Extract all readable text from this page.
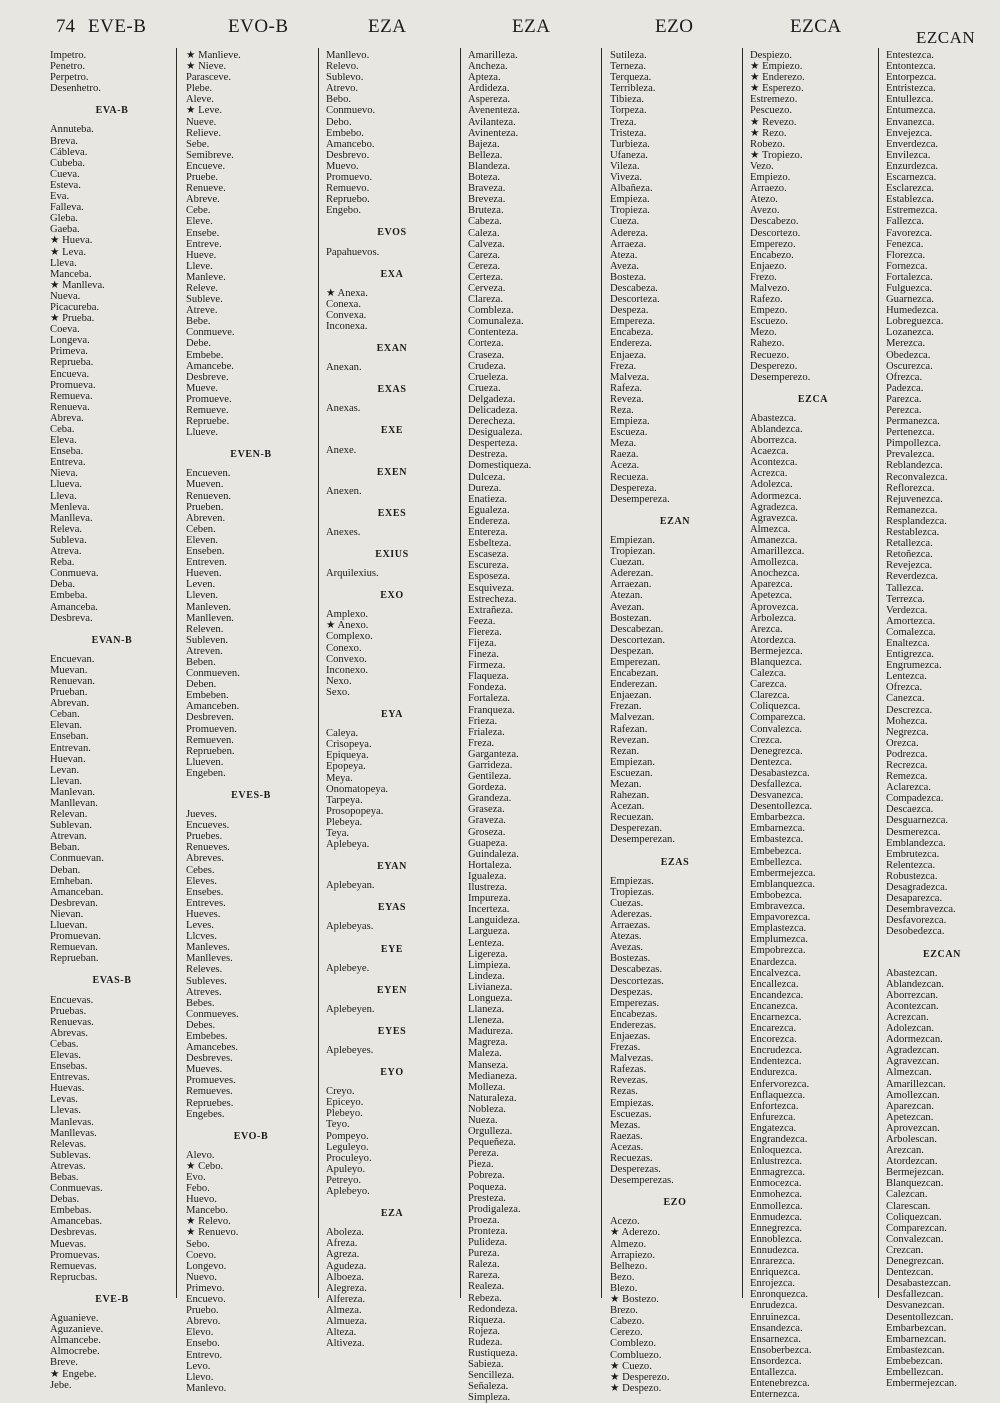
74 EVE-B	EVO-B	EZA	EZA	EZO	EZCA
EZCAN
Impetro.
Penetro.
Perpetro.
Desenhetro.
EVA-B
Annuteba.
Breva.
Cábleva.
Cubeba.
Cueva.
Esteva.
Eva.
Falleva.
Gleba.
Gaeba.
★ Hueva.
★ Leva.
Lleva.
Manceba.
★ Manlleva.
Nueva.
Picacureba.
★ Prueba.
Coeva.
Longeva.
Primeva.
Reprueba.
Encueva.
Promueva.
Remueva.
Renueva.
Abreva.
Ceba.
Eleva.
Enseba.
Entreva.
Nieva.
Llueva.
Lleva.
Menleva.
Manlleva.
Releva.
Subleva.
Atreva.
Reba.
Conmueva.
Deba.
Embeba.
Amanceba.
Desbreva.
EVAN-B
Encuevan.
Muevan.
Renuevan.
Prueban.
Abrevan.
Ceban.
Elevan.
Enseban.
Entrevan.
Huevan.
Levan.
Llevan.
Manlevan.
Manllevan.
Relevan.
Sublevan.
Atrevan.
Beban.
Conmuevan.
Deban.
Emheban.
Amanceban.
Desbrevan.
Nievan.
Lluevan.
Promuevan.
Remuevan.
Reprueban.
EVAS-B
Encuevas.
Pruebas.
Renuevas.
Abrevas.
Cebas.
Elevas.
Ensebas.
Entrevas.
Huevas.
Levas.
Llevas.
Manlevas.
Manllevas.
Relevas.
Sublevas.
Atrevas.
Bebas.
Conmuevas.
Debas.
Embebas.
Amancebas.
Desbrevas.
Muevas.
Promuevas.
Remuevas.
Reprucbas.
EVE-B
Aguanieve.
Aguzanieve.
Almancebe.
Almocrebe.
Breve.
★ Engebe.
Jebe.
★ Manlieve.
★ Nieve.
Parasceve.
Plebe.
Aleve.
★ Leve.
Nueve.
Relieve.
Sebe.
Semibreve.
Encueve.
Pruebe.
Renueve.
Abreve.
Cebe.
Eleve.
Ensebe.
Entreve.
Hueve.
Lleve.
Manleve.
Releve.
Subleve.
Atreve.
Bebe.
Conmueve.
Debe.
Embebe.
Amancebe.
Desbreve.
Mueve.
Promueve.
Remueve.
Repruebe.
Llueve.
EVEN-B
Encueven.
Mueven.
Renueven.
Prueben.
Abreven.
Ceben.
Eleven.
Enseben.
Entreven.
Hueven.
Leven.
Lleven.
Manleven.
Manlleven.
Releven.
Subleven.
Atreven.
Beben.
Conmueven.
Deben.
Embeben.
Amanceben.
Desbreven.
Promueven.
Remueven.
Reprueben.
Llueven.
Engeben.
EVES-B
Jueves.
Encueves.
Pruebes.
Renueves.
Abreves.
Cebes.
Eleves.
Ensebes.
Entreves.
Hueves.
Leves.
Llcves.
Manleves.
Manlleves.
Releves.
Subleves.
Atreves.
Bebes.
Conmueves.
Debes.
Embebes.
Amancebes.
Desbreves.
Mueves.
Promueves.
Remueves.
Repruebes.
Engebes.
EVO-B
Alevo.
★ Cebo.
Evo.
Febo.
Huevo.
Mancebo.
★ Relevo.
★ Renuevo.
Sebo.
Coevo.
Longevo.
Nuevo.
Primevo.
Encuevo.
Pruebo.
Abrevo.
Elevo.
Ensebo.
Entrevo.
Levo.
Llevo.
Manlevo.
Manllevo.
Relevo.
Sublevo.
Atrevo.
Bebo.
Conmuevo.
Debo.
Embebo.
Amancebo.
Desbrevo.
Muevo.
Promuevo.
Remuevo.
Repruebo.
Engebo.
EVOS
Papahuevos.
EXA
★ Anexa.
Conexa.
Convexa.
Inconexa.
EXAN
Anexan.
EXAS
Anexas.
EXE
Anexe.
EXEN
Anexen.
EXES
Anexes.
EXIUS
Arquilexius.
EXO
Amplexo.
★ Anexo.
Complexo.
Conexo.
Convexo.
Inconexo.
Nexo.
Sexo.
EYA
Caleya.
Crisopeya.
Epiqueya.
Epopeya.
Meya.
Onomatopeya.
Tarpeya.
Prosopopeya.
Plebeya.
Teya.
Aplebeya.
EYAN
Aplebeyan.
EYAS
Aplebeyas.
EYE
Aplebeye.
EYEN
Aplebeyen.
EYES
Aplebeyes.
EYO
Creyo.
Epiceyo.
Plebeyo.
Teyo.
Pompeyo.
Leguleyo.
Proculeyo.
Apuleyo.
Petreyo.
Aplebeyo.
EZA
Aboleza.
Afreza.
Agreza.
Agudeza.
Alboeza.
Alegreza.
Alfereza.
Almeza.
Almueza.
Alteza.
Altiveza.
Amarilleza.
Ancheza.
Apteza.
Ardideza.
Aspereza.
Avenenteza.
Avilanteza.
Avinenteza.
Bajeza.
Belleza.
Blandeza.
Boteza.
Braveza.
Breveza.
Bruteza.
Cabeza.
Caleza.
Calveza.
Careza.
Cereza.
Certeza.
Cerveza.
Clareza.
Combleza.
Comunaleza.
Contenteza.
Corteza.
Craseza.
Crudeza.
Crueleza.
Crueza.
Delgadeza.
Delicadeza.
Derecheza.
Desigualeza.
Desperteza.
Destreza.
Domestiqueza.
Dulceza.
Dureza.
Enatieza.
Egualeza.
Endereza.
Entereza.
Esbelteza.
Escaseza.
Escureza.
Esposeza.
Esquiveza.
Estrecheza.
Extrañeza.
Feeza.
Fiereza.
Fijeza.
Fineza.
Firmeza.
Flaqueza.
Fondeza.
Fortaleza.
Franqueza.
Frieza.
Frialeza.
Freza.
Garganteza.
Garrideza.
Gentileza.
Gordeza.
Grandeza.
Graseza.
Graveza.
Groseza.
Guapeza.
Guindaleza.
Hortaleza.
Igualeza.
Ilustreza.
Impureza.
Incerteza.
Languideza.
Largueza.
Lenteza.
Ligereza.
Limpieza.
Lindeza.
Livianeza.
Longueza.
Llaneza.
Lleneza.
Madureza.
Magreza.
Maleza.
Manseza.
Medianeza.
Molleza.
Naturaleza.
Nobleza.
Nueza.
Orgulleza.
Pequeñeza.
Pereza.
Pieza.
Pobreza.
Poqueza.
Presteza.
Prodigaleza.
Proeza.
Pronteza.
Pulideza.
Pureza.
Raleza.
Rareza.
Realeza.
Rebeza.
Redondeza.
Riqueza.
Rojeza.
Rudeza.
Rustiqueza.
Sabieza.
Sencilleza.
Señaleza.
Simpleza.
Sutileza.
Terneza.
Terqueza.
Terribleza.
Tibieza.
Torpeza.
Treza.
Tristeza.
Turbieza.
Ufaneza.
Vileza.
Viveza.
Albañeza.
Empieza.
Tropieza.
Cueza.
Adereza.
Arraeza.
Ateza.
Aveza.
Bosteza.
Descabeza.
Descorteza.
Despeza.
Empereza.
Encabeza.
Endereza.
Enjaeza.
Freza.
Malveza.
Rafeza.
Reveza.
Reza.
Empieza.
Escueza.
Meza.
Raeza.
Aceza.
Recueza.
Despereza.
Desempereza.
EZAN
Empiezan.
Tropiezan.
Cuezan.
Aderezan.
Arraezan.
Atezan.
Avezan.
Bostezan.
Descabezan.
Descortezan.
Despezan.
Emperezan.
Encabezan.
Enderezan.
Enjaezan.
Frezan.
Malvezan.
Rafezan.
Revezan.
Rezan.
Empiezan.
Escuezan.
Mezan.
Rahezan.
Acezan.
Recuezan.
Desperezan.
Desemperezan.
EZAS
Empiezas.
Tropiezas.
Cuezas.
Aderezas.
Arraezas.
Atezas.
Avezas.
Bostezas.
Descabezas.
Descortezas.
Despezas.
Emperezas.
Encabezas.
Enderezas.
Enjaezas.
Frezas.
Malvezas.
Rafezas.
Revezas.
Rezas.
Empiezas.
Escuezas.
Mezas.
Raezas.
Acezas.
Recuezas.
Desperezas.
Desemperezas.
EZO
Acezo.
★ Aderezo.
Almezo.
Arrapiezo.
Belhezo.
Bezo.
Blezo.
★ Bostezo.
Brezo.
Cabezo.
Cerezo.
Comblezo.
Combluezo.
★ Cuezo.
★ Desperezo.
★ Despezo.
Despiezo.
★ Empiezo.
★ Enderezo.
★ Esperezo.
Estremezo.
Pescuezo.
★ Revezo.
★ Rezo.
Robezo.
★ Tropiezo.
Vezo.
Empiezo.
Arraezo.
Atezo.
Avezo.
Descabezo.
Descortezo.
Emperezo.
Encabezo.
Enjaezo.
Frezo.
Malvezo.
Rafezo.
Empezo.
Escuezo.
Mezo.
Rahezo.
Recuezo.
Desperezo.
Desemperezo.
EZCA
Abastezca.
Ablandezca.
Aborrezca.
Acaezca.
Acontezca.
Acrezca.
Adolezca.
Adormezca.
Agradezca.
Agravezca.
Almezca.
Amanezca.
Amarillezca.
Amollezca.
Anochezca.
Aparezca.
Apetezca.
Aprovezca.
Arbolezca.
Arezca.
Atordezca.
Bermejezca.
Blanquezca.
Calezca.
Carezca.
Clarezca.
Coliquezca.
Comparezca.
Convalezca.
Crezca.
Denegrezca.
Dentezca.
Desabastezca.
Desfallezca.
Desvanezca.
Desentollezca.
Embarbezca.
Embarnezca.
Embastezca.
Embebezca.
Embellezca.
Embermejezca.
Emblanquezca.
Embobezca.
Embravezca.
Empavorezca.
Emplastezca.
Emplumezca.
Empobrezca.
Enardezca.
Encalvezca.
Encallezca.
Encandezca.
Encanezca.
Encarnezca.
Encarezca.
Encorezca.
Encrudezca.
Endentezca.
Endurezca.
Enfervorezca.
Enflaquezca.
Enfortezca.
Enfurezca.
Engatezca.
Engrandezca.
Enloquezca.
Enlustrezca.
Enmagrezca.
Enmocezca.
Enmohezca.
Enmollezca.
Enmudezca.
Ennegrezca.
Ennoblezca.
Ennudezca.
Enrarezca.
Enriquezca.
Enrojezca.
Enronquezca.
Enrudezca.
Enruinezca.
Ensandezca.
Ensarnezca.
Ensoberbezca.
Ensordezca.
Entallezca.
Entenebrezca.
Enternezca.
Entestezca.
Entontezca.
Entorpezca.
Entristezca.
Entullezca.
Entumezca.
Envanezca.
Envejezca.
Enverdezca.
Envilezca.
Enzurdezca.
Escarnezca.
Esclarezca.
Establezca.
Estremezca.
Fallezca.
Favorezca.
Fenezca.
Florezca.
Fornezca.
Fortalezca.
Fulguezca.
Guarnezca.
Humedezca.
Lobreguezca.
Lozanezca.
Merezca.
Obedezca.
Oscurezca.
Ofrezca.
Padezca.
Parezca.
Perezca.
Permanezca.
Pertenezca.
Pimpollezca.
Prevalezca.
Reblandezca.
Reconvalezca.
Reflorezca.
Rejuvenezca.
Remanezca.
Resplandezca.
Restablezca.
Retallezca.
Retoñezca.
Revejezca.
Reverdezca.
Tallezca.
Terrezca.
Verdezca.
Amortezca.
Comalezca.
Enaltezca.
Entigrezca.
Engrumezca.
Lentezca.
Ofrezca.
Canezca.
Descrezca.
Mohezca.
Negrezca.
Orezca.
Podrezca.
Recrezca.
Remezca.
Aclarezca.
Compadezca.
Descaezca.
Desguarnezca.
Desmerezca.
Emblandezca.
Embrutezca.
Relentezca.
Robustezca.
Desagradezca.
Desaparezca.
Desembravezca.
Desfavorezca.
Desobedezca.
EZCAN
Abastezcan.
Ablandezcan.
Aborrezcan.
Acontezcan.
Acrezcan.
Adolezcan.
Adormezcan.
Agradezcan.
Agravezcan.
Almezcan.
Amarillezcan.
Amollezcan.
Aparezcan.
Apetezcan.
Aprovezcan.
Arbolescan.
Arezcan.
Atordezcan.
Bermejezcan.
Blanquezcan.
Calezcan.
Clarescan.
Coliquezcan.
Comparezcan.
Convalezcan.
Crezcan.
Denegrezcan.
Dentezcan.
Desabastezcan.
Desfallezcan.
Desvanezcan.
Desentollezcan.
Embarbezcan.
Embarnezcan.
Embastezcan.
Embebezcan.
Embellezcan.
Embermejezcan.
